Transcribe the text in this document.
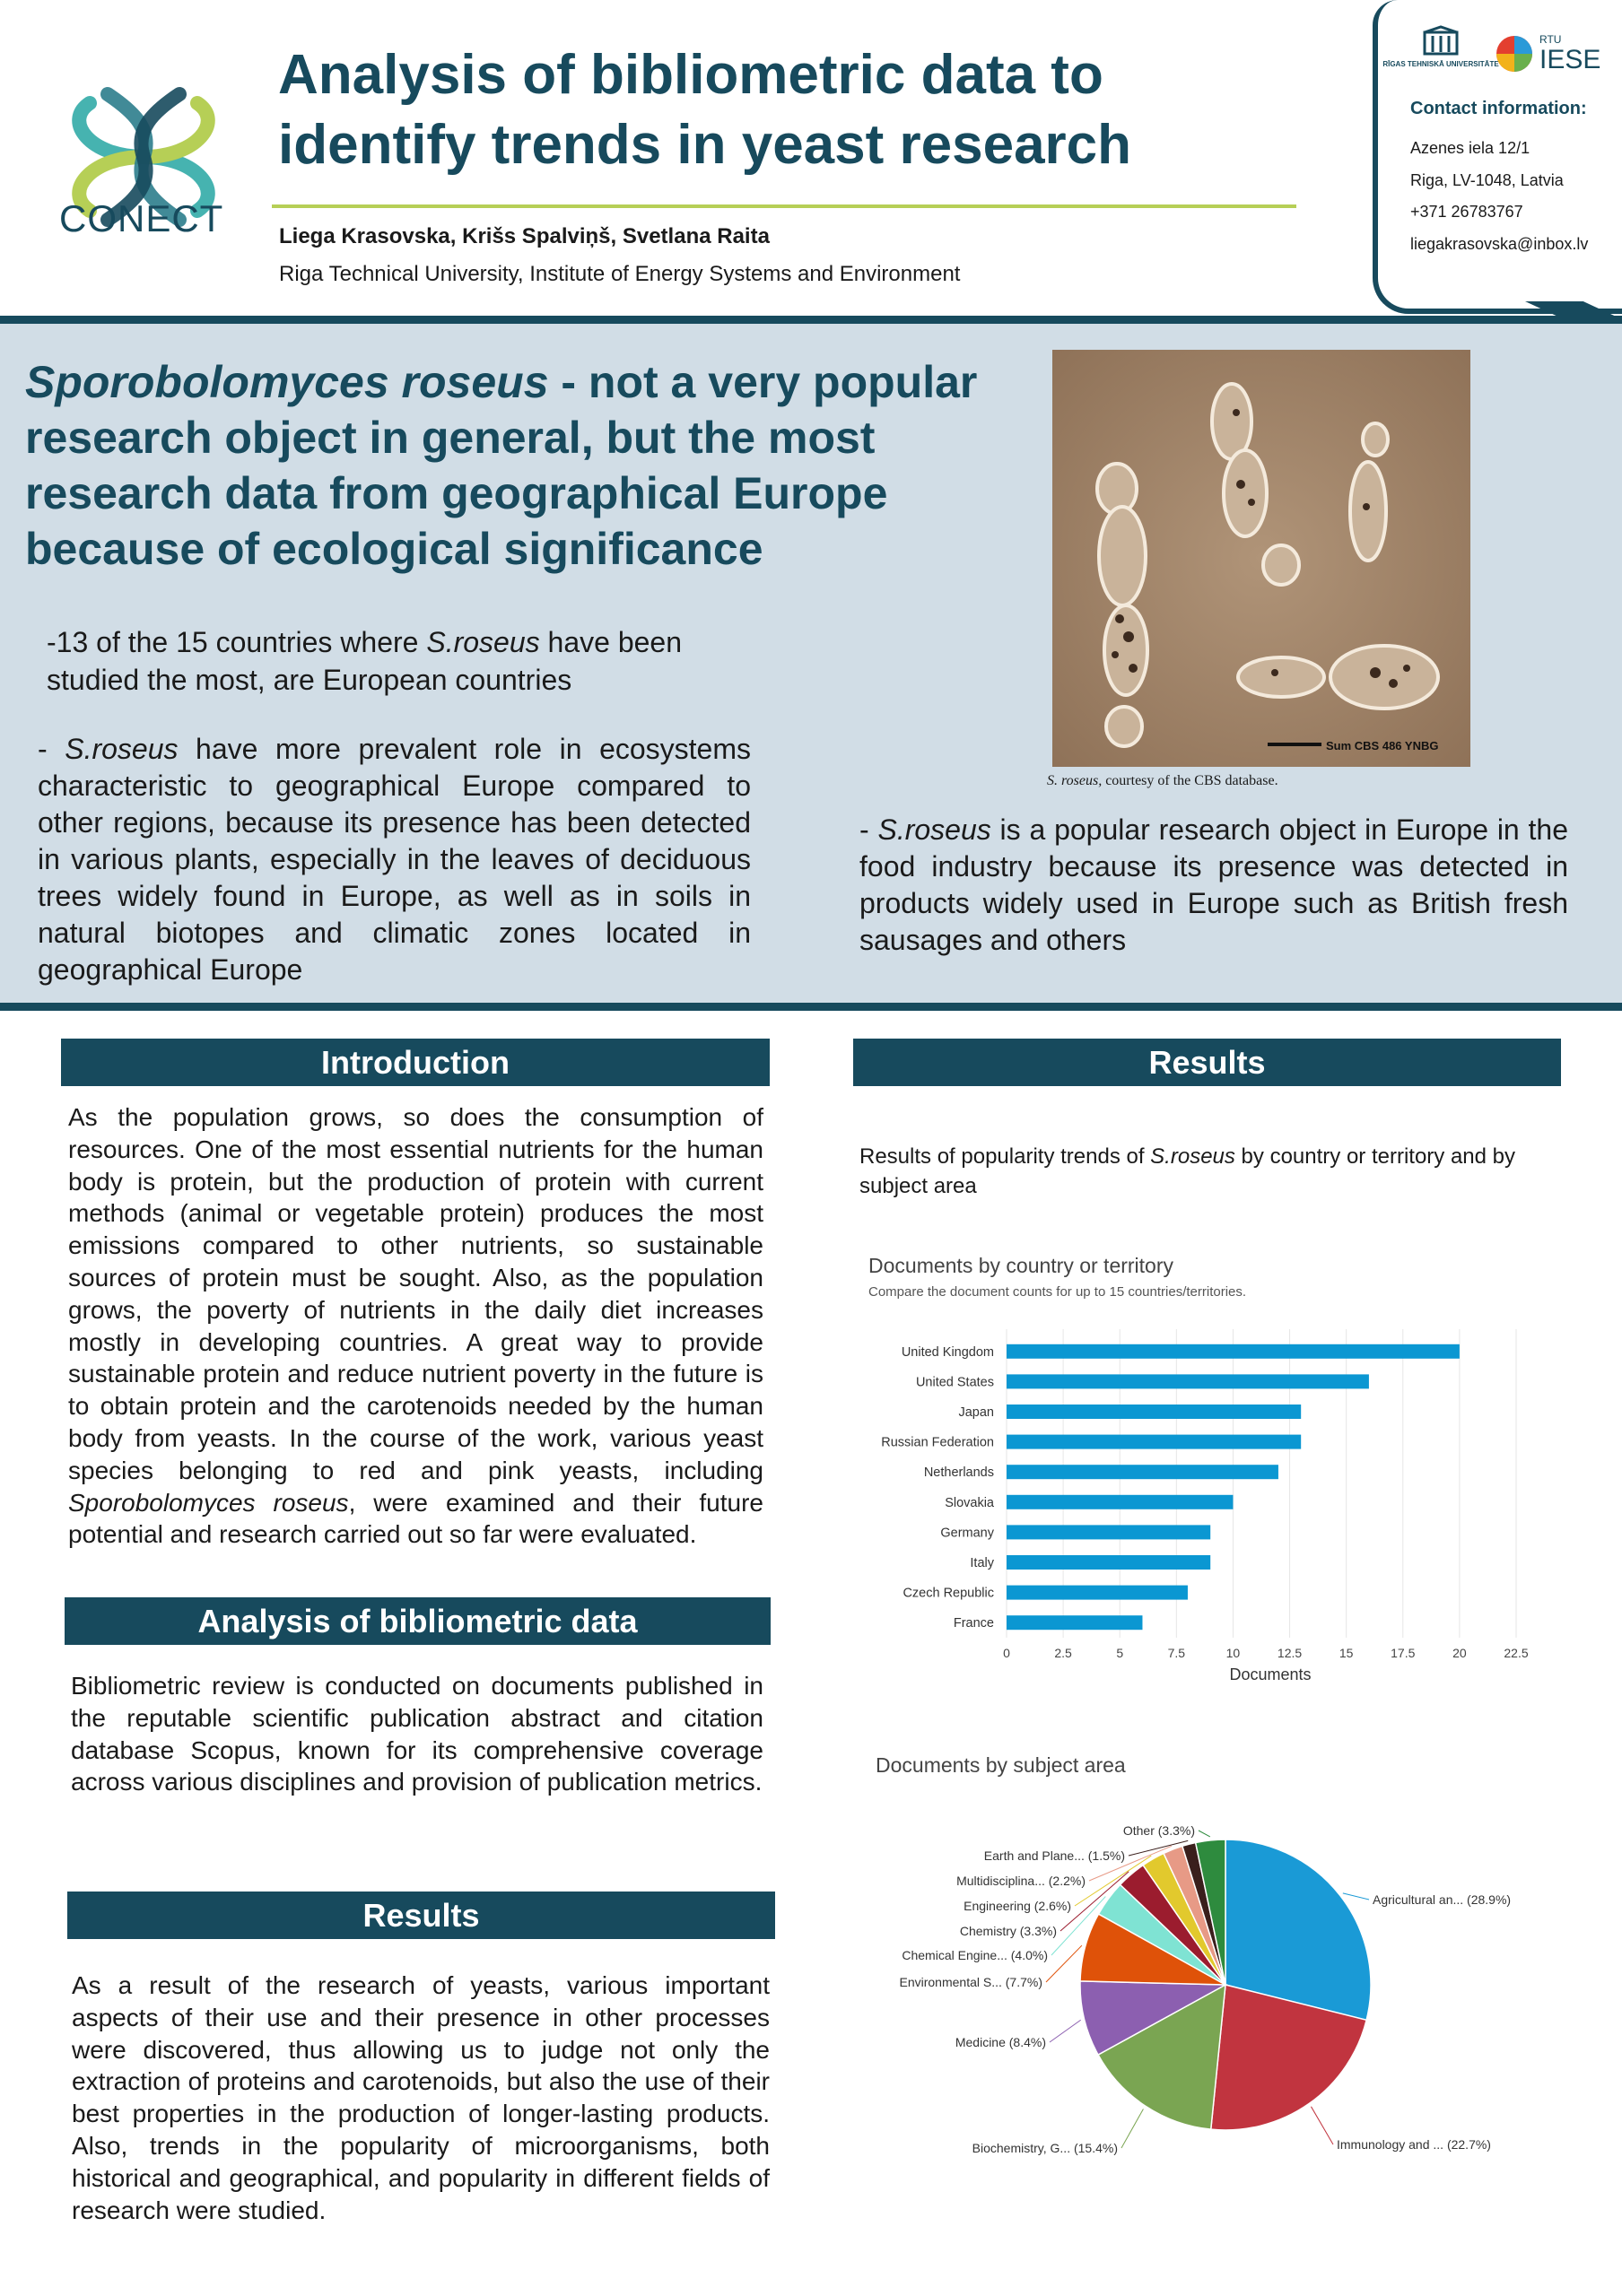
CONECT
Analysis of bibliometric data to identify trends in yeast research
Liega Krasovska, Krišs Spalviņš, Svetlana Raita
Riga Technical University, Institute of Energy Systems and Environment
RĪGAS TEHNISKĀ UNIVERSITĀTE
RTU
IESE
Contact information:
Azenes iela 12/1
Riga, LV-1048, Latvia
+371 26783767
liegakrasovska@inbox.lv
Sporobolomyces roseus - not a very popular research object in general, but the most research data from geographical Europe because of ecological significance
-13 of the 15 countries where S.roseus have been studied the most, are European countries
- S.roseus have more prevalent role in ecosystems characteristic to geographical Europe compared to other regions, because its presence has been detected in various plants, especially in the leaves of deciduous trees widely found in Europe, as well as in soils in natural biotopes and climatic zones located in geographical Europe
- S.roseus is a popular research object in Europe in the food industry because its presence was detected in products widely used in Europe such as British fresh sausages and others
Sum CBS 486 YNBG
S. roseus, courtesy of the CBS database.
Introduction
As the population grows, so does the consumption of resources. One of the most essential nutrients for the human body is protein, but the production of protein with current methods (animal or vegetable protein) produces the most emissions compared to other nutrients, so sustainable sources of protein must be sought. Also, as the population grows, the poverty of nutrients in the daily diet increases mostly in developing countries. A great way to provide sustainable protein and reduce nutrient poverty in the future is to obtain protein and the carotenoids needed by the human body from yeasts. In the course of the work, various yeast species belonging to red and pink yeasts, including Sporobolomyces roseus, were examined and their future potential and research carried out so far were evaluated.
Analysis of bibliometric data
Bibliometric review is conducted on documents published in the reputable scientific publication abstract and citation database Scopus, known for its comprehensive coverage across various disciplines and provision of publication metrics.
Results
As a result of the research of yeasts, various important aspects of their use and their presence in other processes were discovered, thus allowing us to judge not only the extraction of proteins and carotenoids, but also the use of their best properties in the production of longer-lasting products. Also, trends in the popularity of microorganisms, both historical and geographical, and popularity in different fields of research were studied.
Results
Results of popularity trends of S.roseus by country or territory and by subject area
Documents by country or territory
Compare the document counts for up to 15 countries/territories.
0	2.5	5	7.5	10	12.5	15	17.5	20	22.5
United Kingdom
United States
Japan
Russian Federation
Netherlands
Slovakia
Germany
Italy
Czech Republic
France
Documents
Documents by subject area
Agricultural an... (28.9%)
Immunology and ... (22.7%)
Biochemistry, G... (15.4%)
Medicine (8.4%)
Environmental S... (7.7%)
Chemical Engine... (4.0%)
Chemistry (3.3%)
Engineering (2.6%)
Multidisciplina... (2.2%)
Earth and Plane... (1.5%)
Other (3.3%)
